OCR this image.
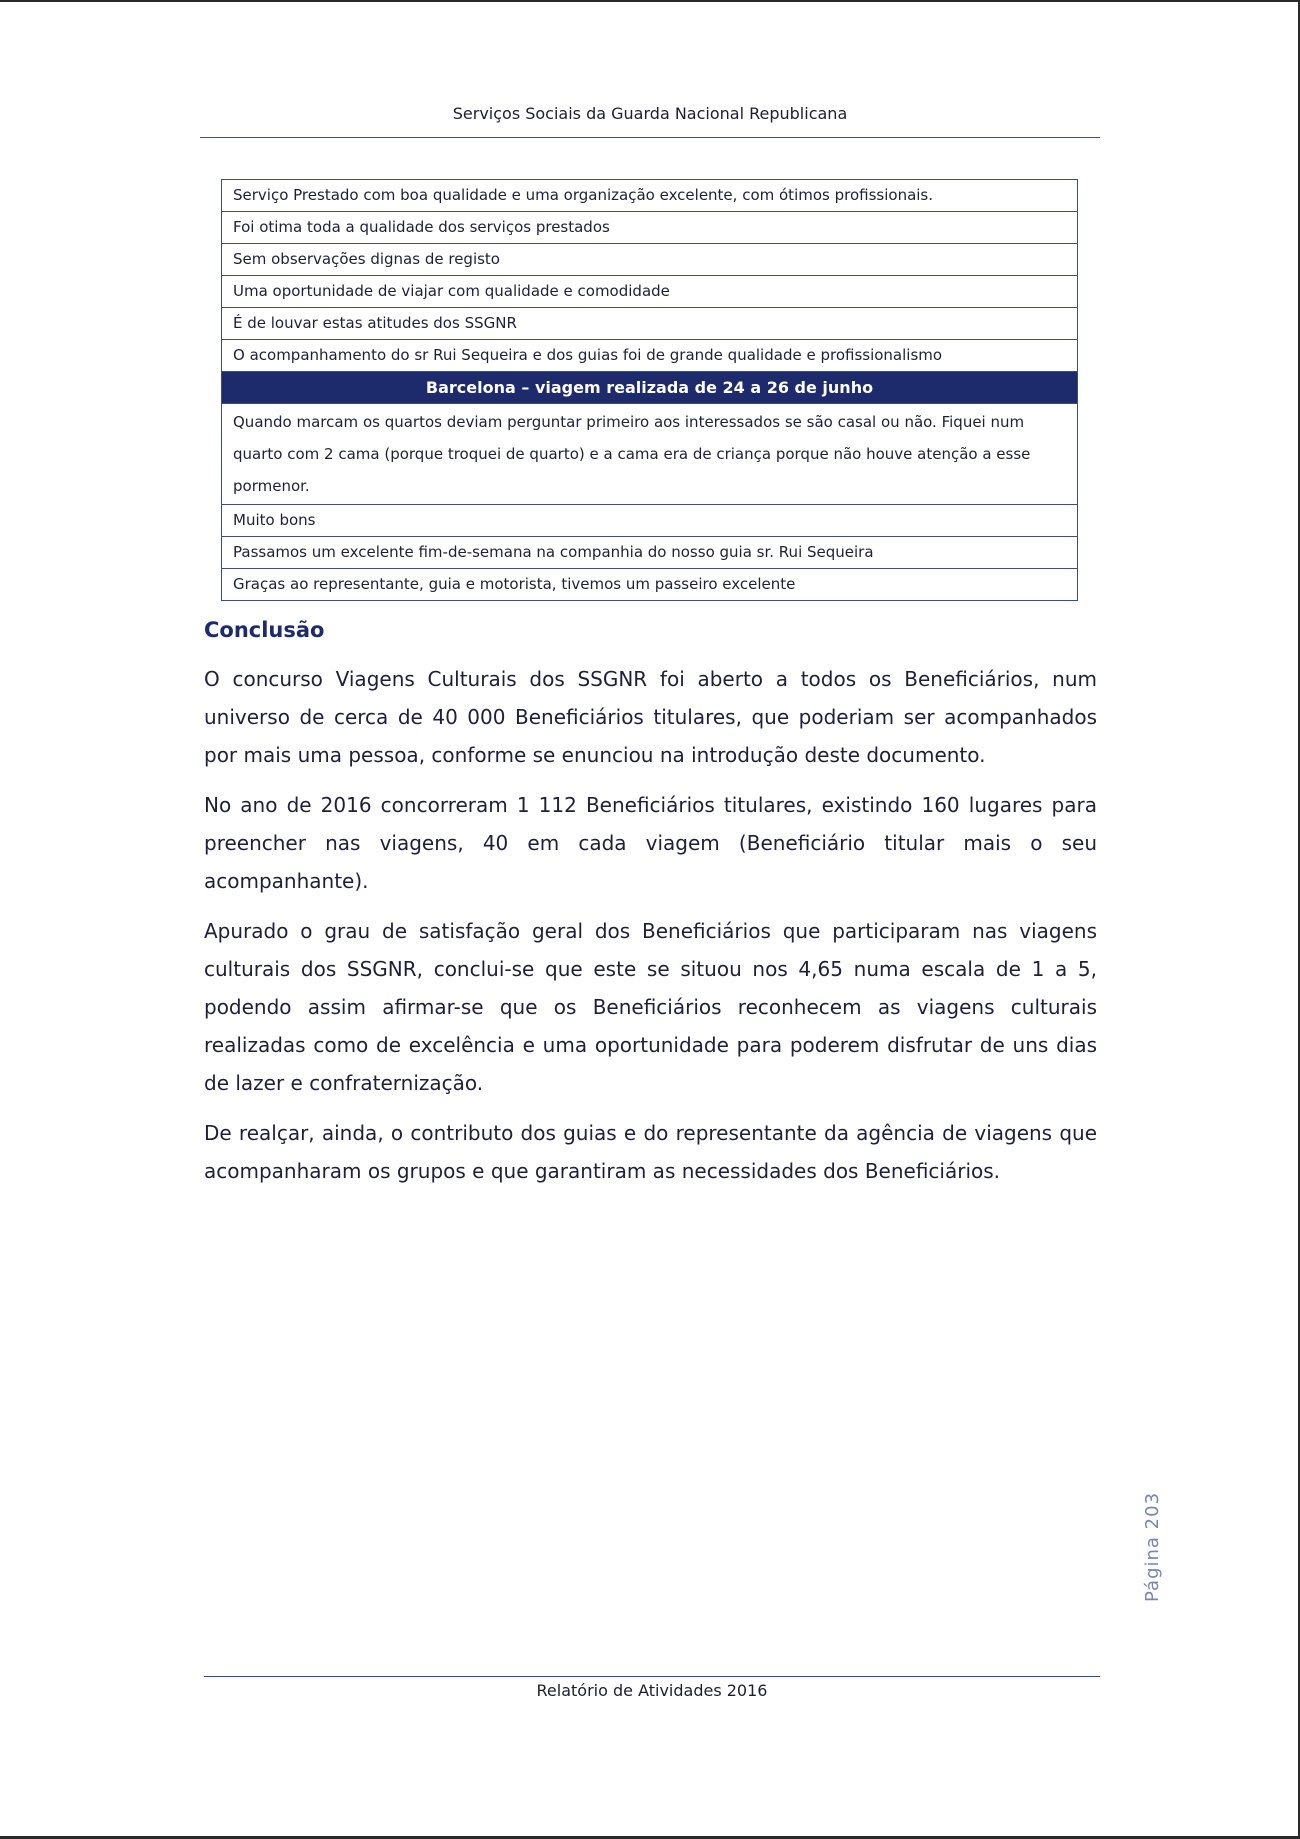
Serviços Sociais da Guarda Nacional Republicana
Serviço Prestado com boa qualidade e uma organização excelente, com ótimos profissionais.
Foi otima toda a qualidade dos serviços prestados
Sem observações dignas de registo
Uma oportunidade de viajar com qualidade e comodidade
É de louvar estas atitudes dos SSGNR
O acompanhamento do sr Rui Sequeira e dos guias foi de grande qualidade e profissionalismo
Barcelona – viagem realizada de 24 a 26 de junho
Quando marcam os quartos deviam perguntar primeiro aos interessados se são casal ou não. Fiquei num quarto com 2 cama (porque troquei de quarto) e a cama era de criança porque não houve atenção a esse pormenor.
Muito bons
Passamos um excelente fim-de-semana na companhia do nosso guia sr. Rui Sequeira
Graças ao representante, guia e motorista, tivemos um passeiro excelente
Conclusão

O concurso Viagens Culturais dos SSGNR foi aberto a todos os Beneficiários, num universo de cerca de 40 000 Beneficiários titulares, que poderiam ser acompanhados por mais uma pessoa, conforme se enunciou na introdução deste documento.

No ano de 2016 concorreram 1 112 Beneficiários titulares, existindo 160 lugares para preencher nas viagens, 40 em cada viagem (Beneficiário titular mais o seu acompanhante).

Apurado o grau de satisfação geral dos Beneficiários que participaram nas viagens culturais dos SSGNR, conclui-se que este se situou nos 4,65 numa escala de 1 a 5, podendo assim afirmar-se que os Beneficiários reconhecem as viagens culturais realizadas como de excelência e uma oportunidade para poderem disfrutar de uns dias de lazer e confraternização.

De realçar, ainda, o contributo dos guias e do representante da agência de viagens que acompanharam os grupos e que garantiram as necessidades dos Beneficiários.

Página 203
Relatório de Atividades 2016
